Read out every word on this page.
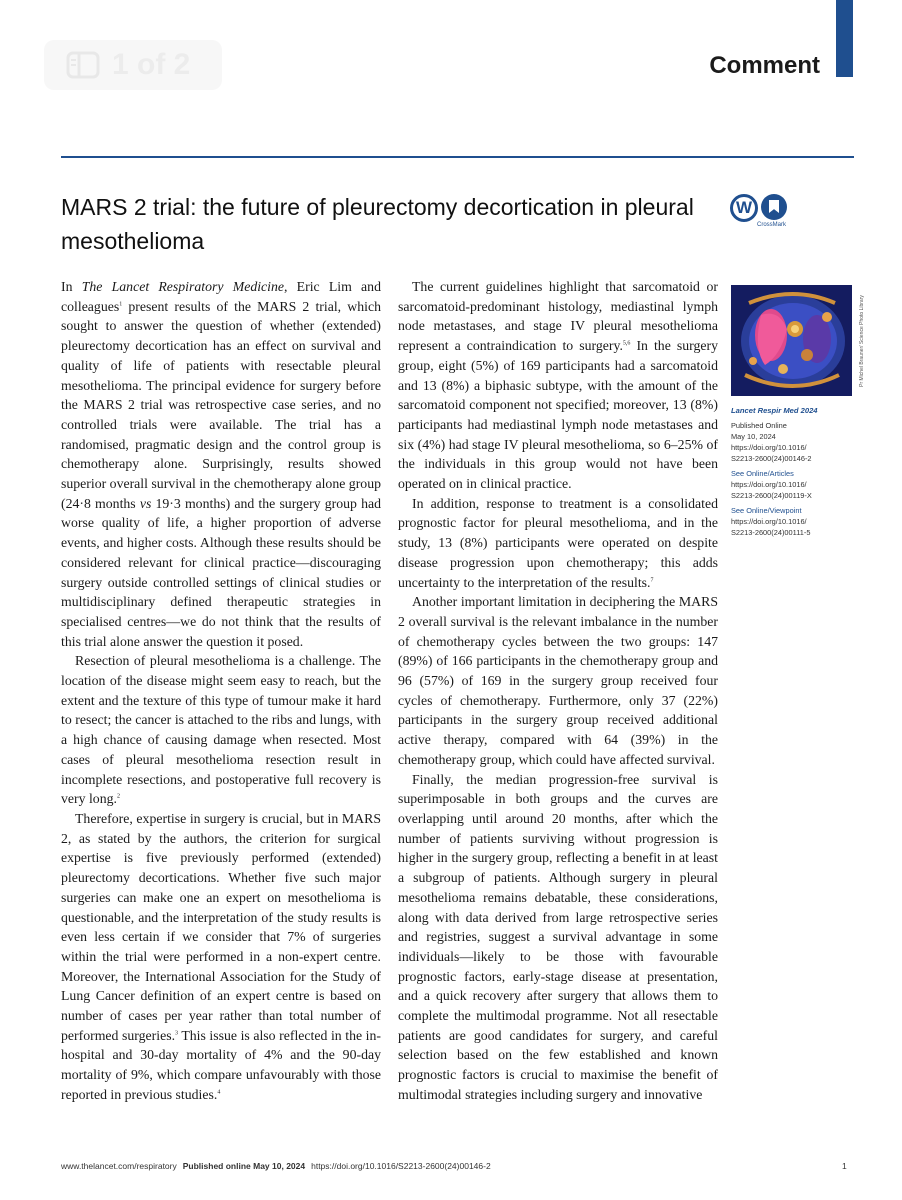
1 of 2	Comment
MARS 2 trial: the future of pleurectomy decortication in pleural mesothelioma
W
CrossMark

In The Lancet Respiratory Medicine, Eric Lim and colleagues$^1$ present results of the MARS 2 trial, which sought to answer the question of whether (extended) pleurectomy decortication has an effect on survival and quality of life of patients with resectable pleural mesothelioma. The principal evidence for surgery before the MARS 2 trial was retrospective case series, and no controlled trials were available. The trial has a randomised, pragmatic design and the control group is chemotherapy alone. Surprisingly, results showed superior overall survival in the chemotherapy alone group (24·8 months vs 19·3 months) and the surgery group had worse quality of life, a higher proportion of adverse events, and higher costs. Although these results should be considered relevant for clinical practice—discouraging surgery outside controlled settings of clinical studies or multidisciplinary defined therapeutic strategies in specialised centres—we do not think that the results of this trial alone answer the question it posed.

Resection of pleural mesothelioma is a challenge. The location of the disease might seem easy to reach, but the extent and the texture of this type of tumour make it hard to resect; the cancer is attached to the ribs and lungs, with a high chance of causing damage when resected. Most cases of pleural mesothelioma resection result in incomplete resections, and postoperative full recovery is very long.$^2$

Therefore, expertise in surgery is crucial, but in MARS 2, as stated by the authors, the criterion for surgical expertise is five previously performed (extended) pleurectomy decortications. Whether five such major surgeries can make one an expert on mesothelioma is questionable, and the interpretation of the study results is even less certain if we consider that 7% of surgeries within the trial were performed in a non-expert centre. Moreover, the International Association for the Study of Lung Cancer definition of an expert centre is based on number of cases per year rather than total number of performed surgeries.$^3$ This issue is also reflected in the in-hospital and 30-day mortality of 4% and the 90-day mortality of 9%, which compare unfavourably with those reported in previous studies.$^4$

The current guidelines highlight that sarcomatoid or sarcomatoid-predominant histology, mediastinal lymph node metastases, and stage IV pleural mesothelioma represent a contraindication to surgery.$^{5,6}$ In the surgery group, eight (5%) of 169 participants had a sarcomatoid and 13 (8%) a biphasic subtype, with the amount of the sarcomatoid component not specified; moreover, 13 (8%) participants had mediastinal lymph node metastases and six (4%) had stage IV pleural mesothelioma, so 6–25% of the individuals in this group would not have been operated on in clinical practice.

In addition, response to treatment is a consolidated prognostic factor for pleural mesothelioma, and in the study, 13 (8%) participants were operated on despite disease progression upon chemotherapy; this adds uncertainty to the interpretation of the results.$^7$

Another important limitation in deciphering the MARS 2 overall survival is the relevant imbalance in the number of chemotherapy cycles between the two groups: 147 (89%) of 166 participants in the chemotherapy group and 96 (57%) of 169 in the surgery group received four cycles of chemotherapy. Furthermore, only 37 (22%) participants in the surgery group received additional active therapy, compared with 64 (39%) in the chemotherapy group, which could have affected survival.

Finally, the median progression-free survival is superimposable in both groups and the curves are overlapping until around 20 months, after which the number of patients surviving without progression is higher in the surgery group, reflecting a benefit in at least a subgroup of patients. Although surgery in pleural mesothelioma remains debatable, these considerations, along with data derived from large retrospective series and registries, suggest a survival advantage in some individuals—likely to be those with favourable prognostic factors, early-stage disease at presentation, and a quick recovery after surgery that allows them to complete the multimodal programme. Not all resectable patients are good candidates for surgery, and careful selection based on the few established and known prognostic factors is crucial to maximise the benefit of multimodal strategies including surgery and innovative

Pr Michel Brauner/ Science Photo Library
Lancet Respir Med 2024
Published Online
May 10, 2024
https://doi.org/10.1016/
S2213-2600(24)00146-2
See Online/Articles
https://doi.org/10.1016/
S2213-2600(24)00119-X
See Online/Viewpoint
https://doi.org/10.1016/
S2213-2600(24)00111-5
www.thelancet.com/respiratory Published online May 10, 2024 https://doi.org/10.1016/S2213-2600(24)00146-2	1
